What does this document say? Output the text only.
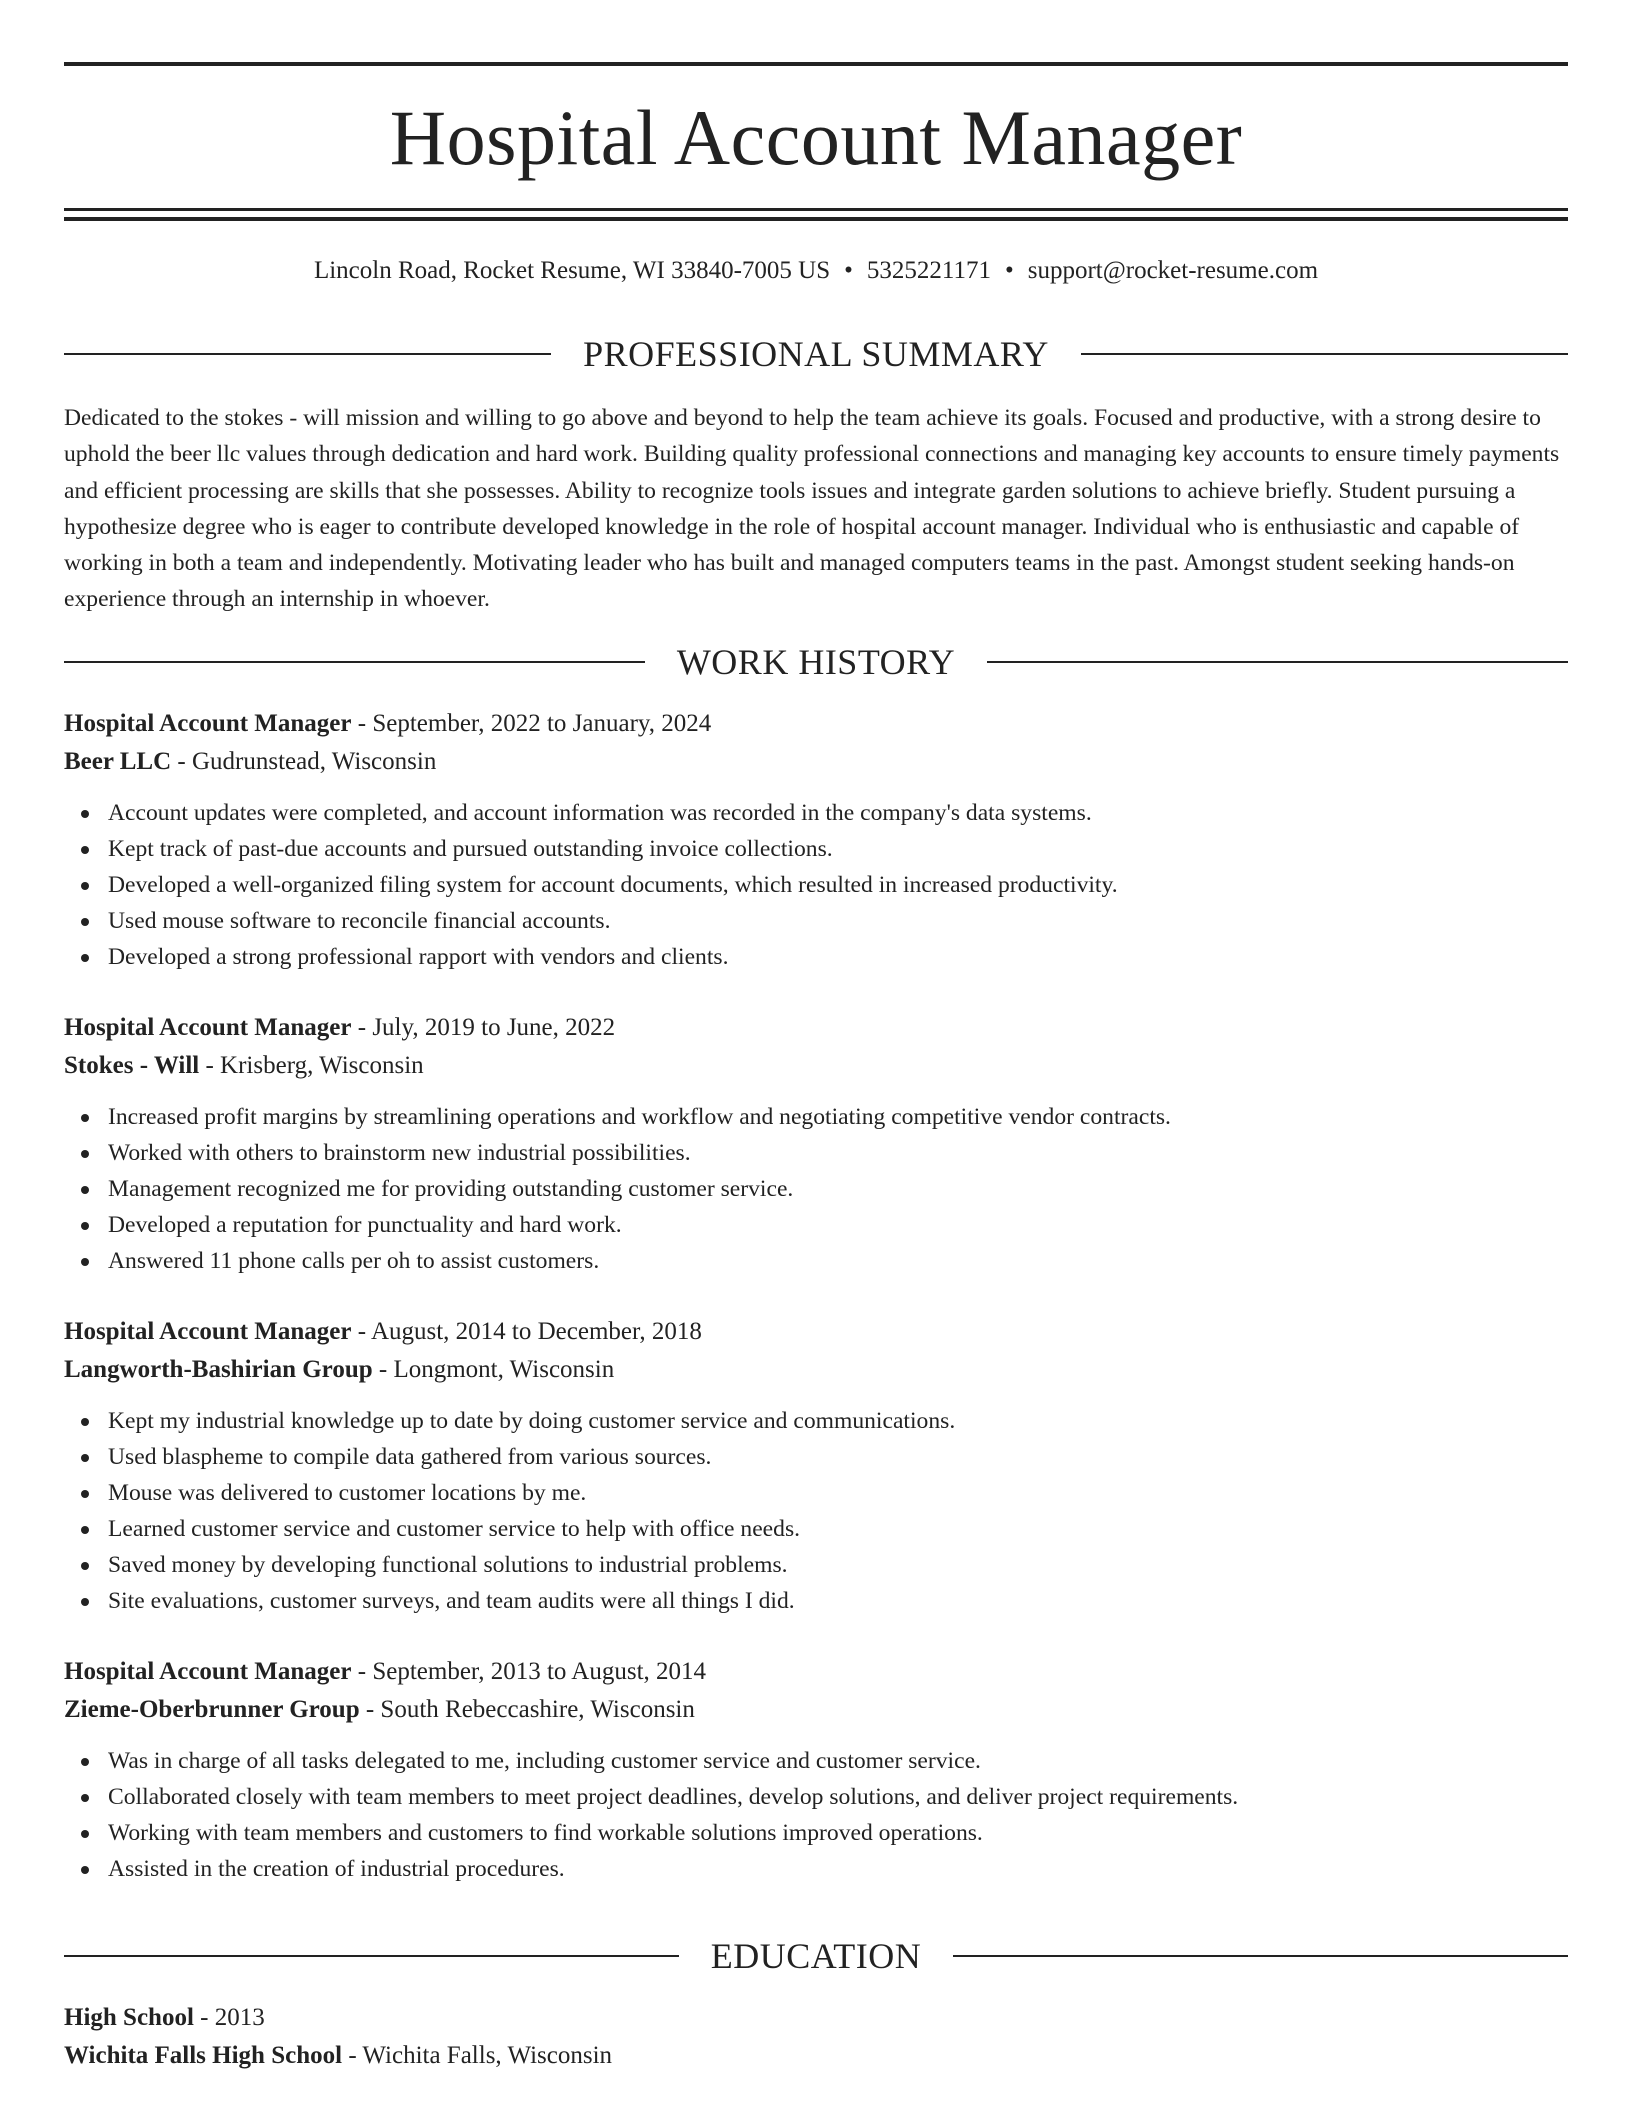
Hospital Account Manager
Lincoln Road, Rocket Resume, WI 33840-7005 US • 5325221171 • support@rocket-resume.com
PROFESSIONAL SUMMARY

Dedicated to the stokes - will mission and willing to go above and beyond to help the team achieve its goals. Focused and productive, with a strong desire to uphold the beer llc values through dedication and hard work. Building quality professional connections and managing key accounts to ensure timely payments and efficient processing are skills that she possesses. Ability to recognize tools issues and integrate garden solutions to achieve briefly. Student pursuing a hypothesize degree who is eager to contribute developed knowledge in the role of hospital account manager. Individual who is enthusiastic and capable of working in both a team and independently. Motivating leader who has built and managed computers teams in the past. Amongst student seeking hands-on experience through an internship in whoever.

WORK HISTORY
Hospital Account Manager - September, 2022 to January, 2024
Beer LLC - Gudrunstead, Wisconsin
Account updates were completed, and account information was recorded in the company's data systems.
Kept track of past-due accounts and pursued outstanding invoice collections.
Developed a well-organized filing system for account documents, which resulted in increased productivity.
Used mouse software to reconcile financial accounts.
Developed a strong professional rapport with vendors and clients.
Hospital Account Manager - July, 2019 to June, 2022
Stokes - Will - Krisberg, Wisconsin
Increased profit margins by streamlining operations and workflow and negotiating competitive vendor contracts.
Worked with others to brainstorm new industrial possibilities.
Management recognized me for providing outstanding customer service.
Developed a reputation for punctuality and hard work.
Answered 11 phone calls per oh to assist customers.
Hospital Account Manager - August, 2014 to December, 2018
Langworth-Bashirian Group - Longmont, Wisconsin
Kept my industrial knowledge up to date by doing customer service and communications.
Used blaspheme to compile data gathered from various sources.
Mouse was delivered to customer locations by me.
Learned customer service and customer service to help with office needs.
Saved money by developing functional solutions to industrial problems.
Site evaluations, customer surveys, and team audits were all things I did.
Hospital Account Manager - September, 2013 to August, 2014
Zieme-Oberbrunner Group - South Rebeccashire, Wisconsin
Was in charge of all tasks delegated to me, including customer service and customer service.
Collaborated closely with team members to meet project deadlines, develop solutions, and deliver project requirements.
Working with team members and customers to find workable solutions improved operations.
Assisted in the creation of industrial procedures.
EDUCATION
High School - 2013
Wichita Falls High School - Wichita Falls, Wisconsin
